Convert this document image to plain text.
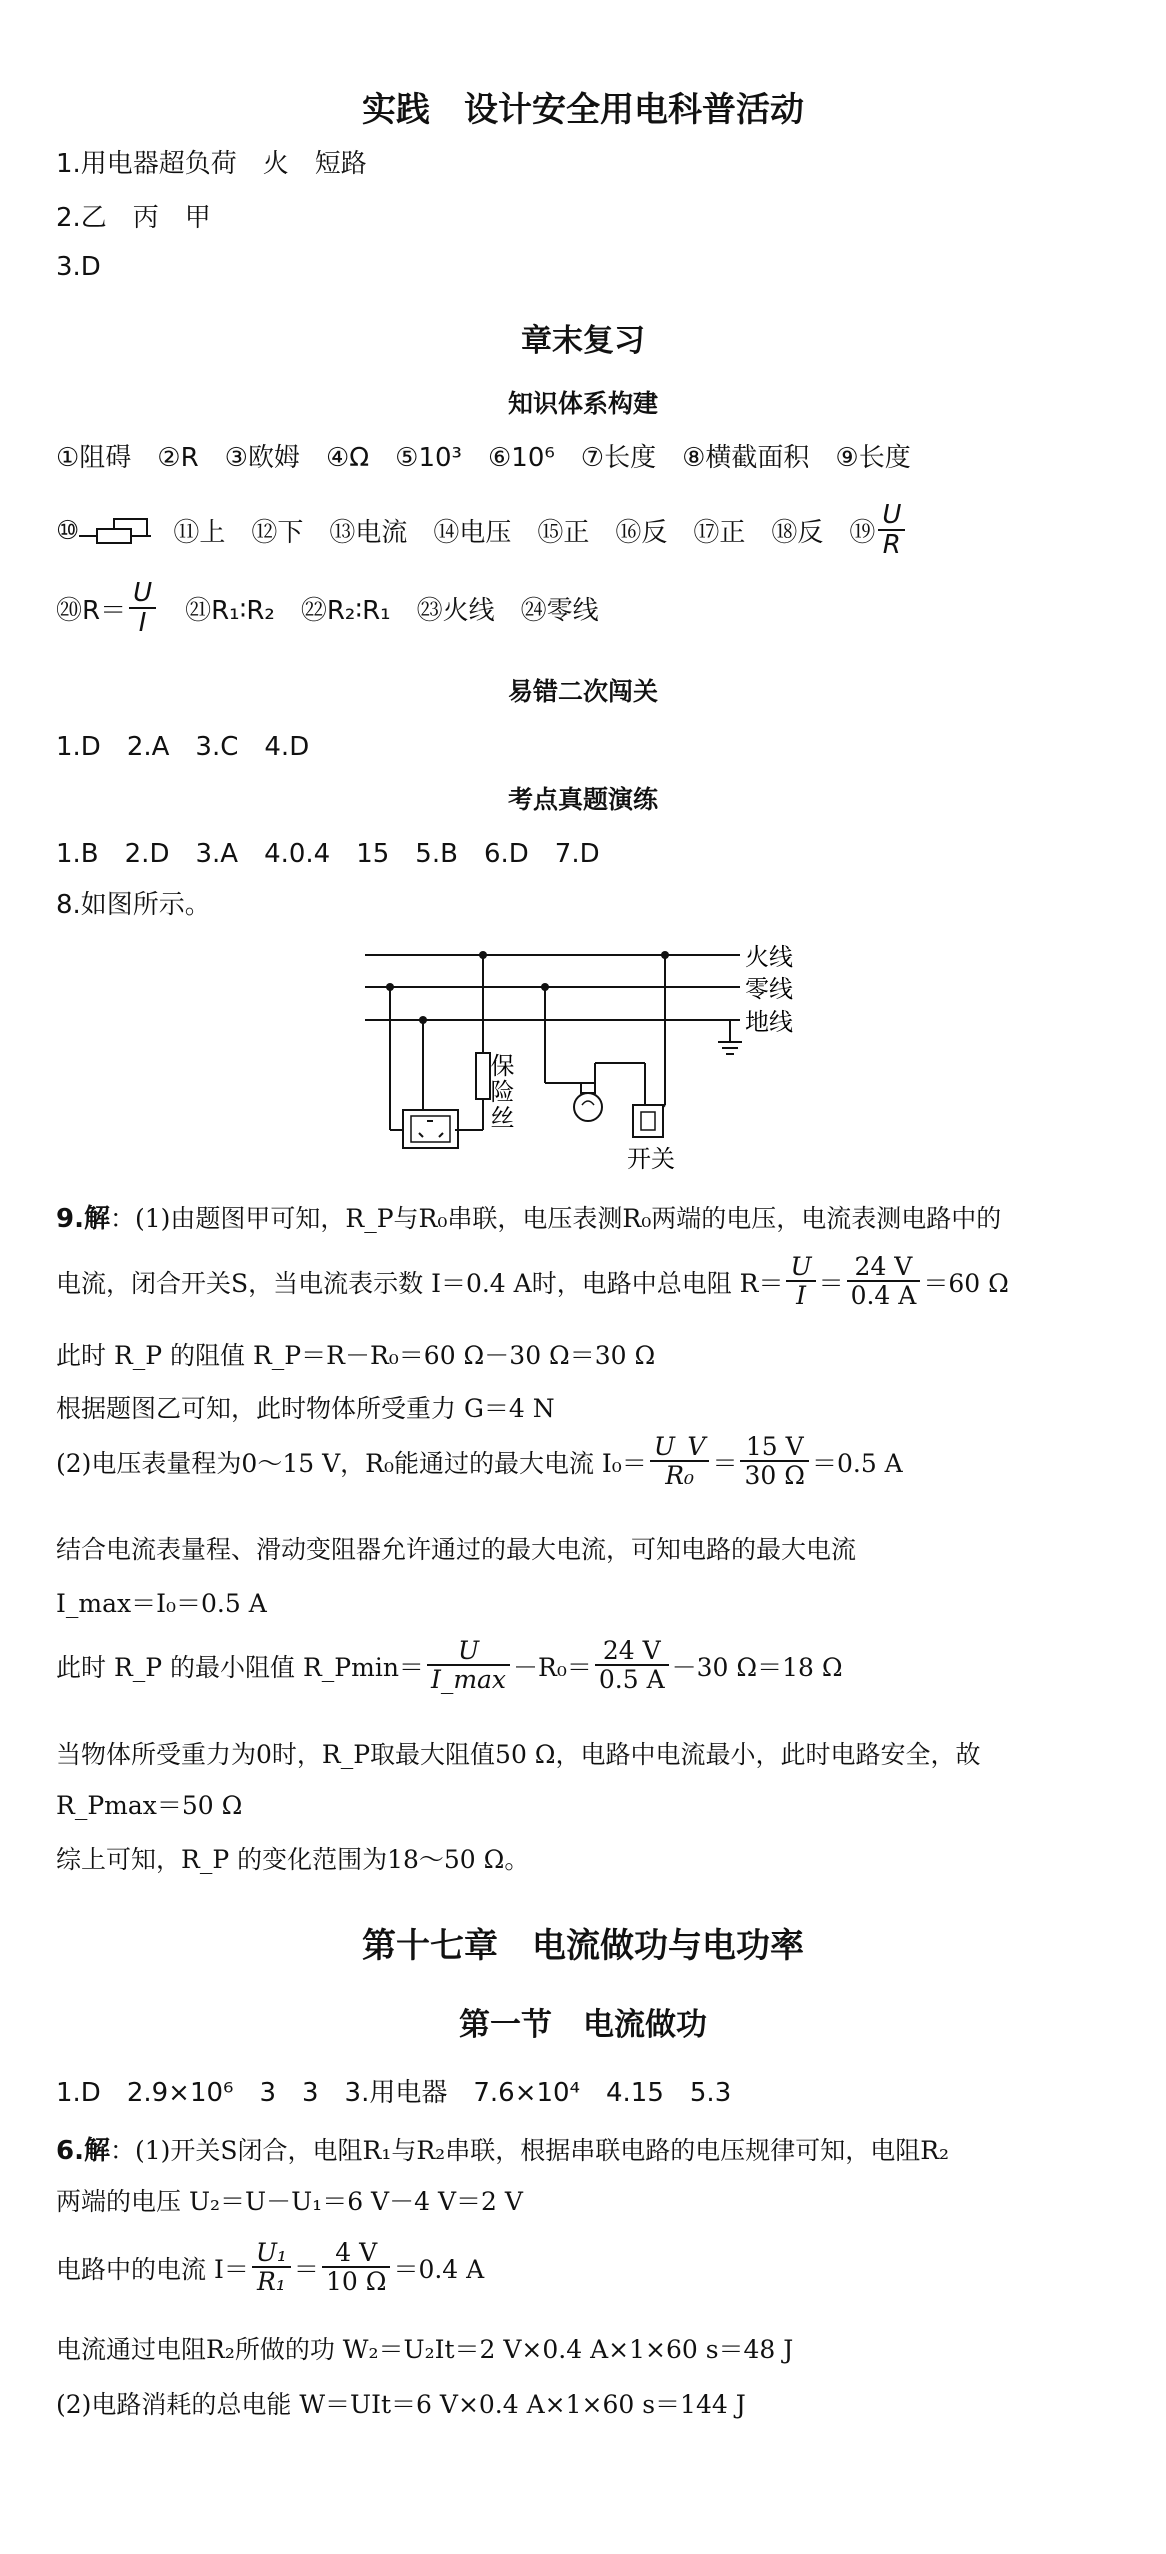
实践　设计安全用电科普活动
1.用电器超负荷　火　短路
2.乙　丙　甲
3.D
章末复习
知识体系构建
①阻碍　②R　③欧姆　④Ω　⑤10³　⑥10⁶　⑦长度　⑧横截面积　⑨长度
⑩	⑪上　⑫下　⑬电流　⑭电压　⑮正　⑯反　⑰正　⑱反　⑲ $\frac{U}{R}$
⑳R＝ $\frac{U}{I}$ 　㉑R₁∶R₂　㉒R₂∶R₁　㉓火线　㉔零线
易错二次闯关
1.D　2.A　3.C　4.D
考点真题演练
1.B　2.D　3.A　4.0.4　15　5.B　6.D　7.D
8.如图所示。
火线
零线
地线
保险丝
开关
9.解：(1)由题图甲可知，R_P与R₀串联，电压表测R₀两端的电压，电流表测电路中的
电流，闭合开关S，当电流表示数 I＝0.4 A时，电路中总电阻 $R= \frac{U}{I} = \frac{24 V}{0.4 A} =60$ Ω
此时 R_P 的阻值 R_P＝R－R₀＝60 Ω－30 Ω＝30 Ω
根据题图乙可知，此时物体所受重力 G＝4 N
(2)电压表量程为0～15 V，R₀能通过的最大电流 $I_0= \frac{U\_V}{\text{R₀}} = \frac{15 V}{30 \Omega} =0.5$ A
结合电流表量程、滑动变阻器允许通过的最大电流，可知电路的最大电流
I_max＝I₀＝0.5 A
此时 R_P 的最小阻值 R_Pmin＝ $\frac{U}{I\_\max} -R_0= \frac{24 V}{0.5 A} -30$ Ω＝18 Ω
当物体所受重力为0时，R_P取最大阻值50 Ω，电路中电流最小，此时电路安全，故
R_Pmax＝50 Ω
综上可知，R_P 的变化范围为18～50 Ω。
第十七章　电流做功与电功率
第一节　电流做功
1.D　2.9×10⁶　3　3　3.用电器　7.6×10⁴　4.15　5.3
6.解：(1)开关S闭合，电阻R₁与R₂串联，根据串联电路的电压规律可知，电阻R₂
两端的电压 U₂＝U－U₁＝6 V－4 V＝2 V
电路中的电流 $I= \frac{\text{U₁}}{\text{R₁}} = \frac{4 V}{10 \Omega} =0.4$ A
电流通过电阻R₂所做的功 W₂＝U₂It＝2 V×0.4 A×1×60 s＝48 J
(2)电路消耗的总电能 W＝UIt＝6 V×0.4 A×1×60 s＝144 J
